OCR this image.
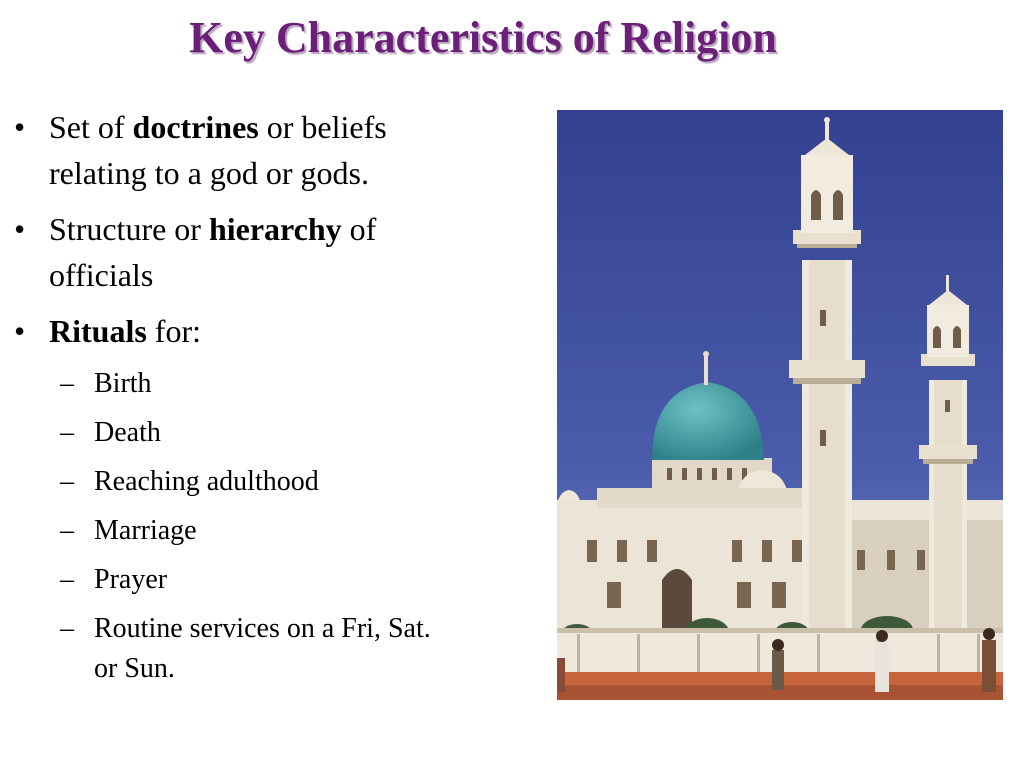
Key Characteristics of Religion
• Set of doctrines or beliefs relating to a god or gods.
• Structure or hierarchy of officials
• Rituals for:
– Birth
– Death
– Reaching adulthood
– Marriage
– Prayer
– Routine services on a Fri, Sat. or Sun.
